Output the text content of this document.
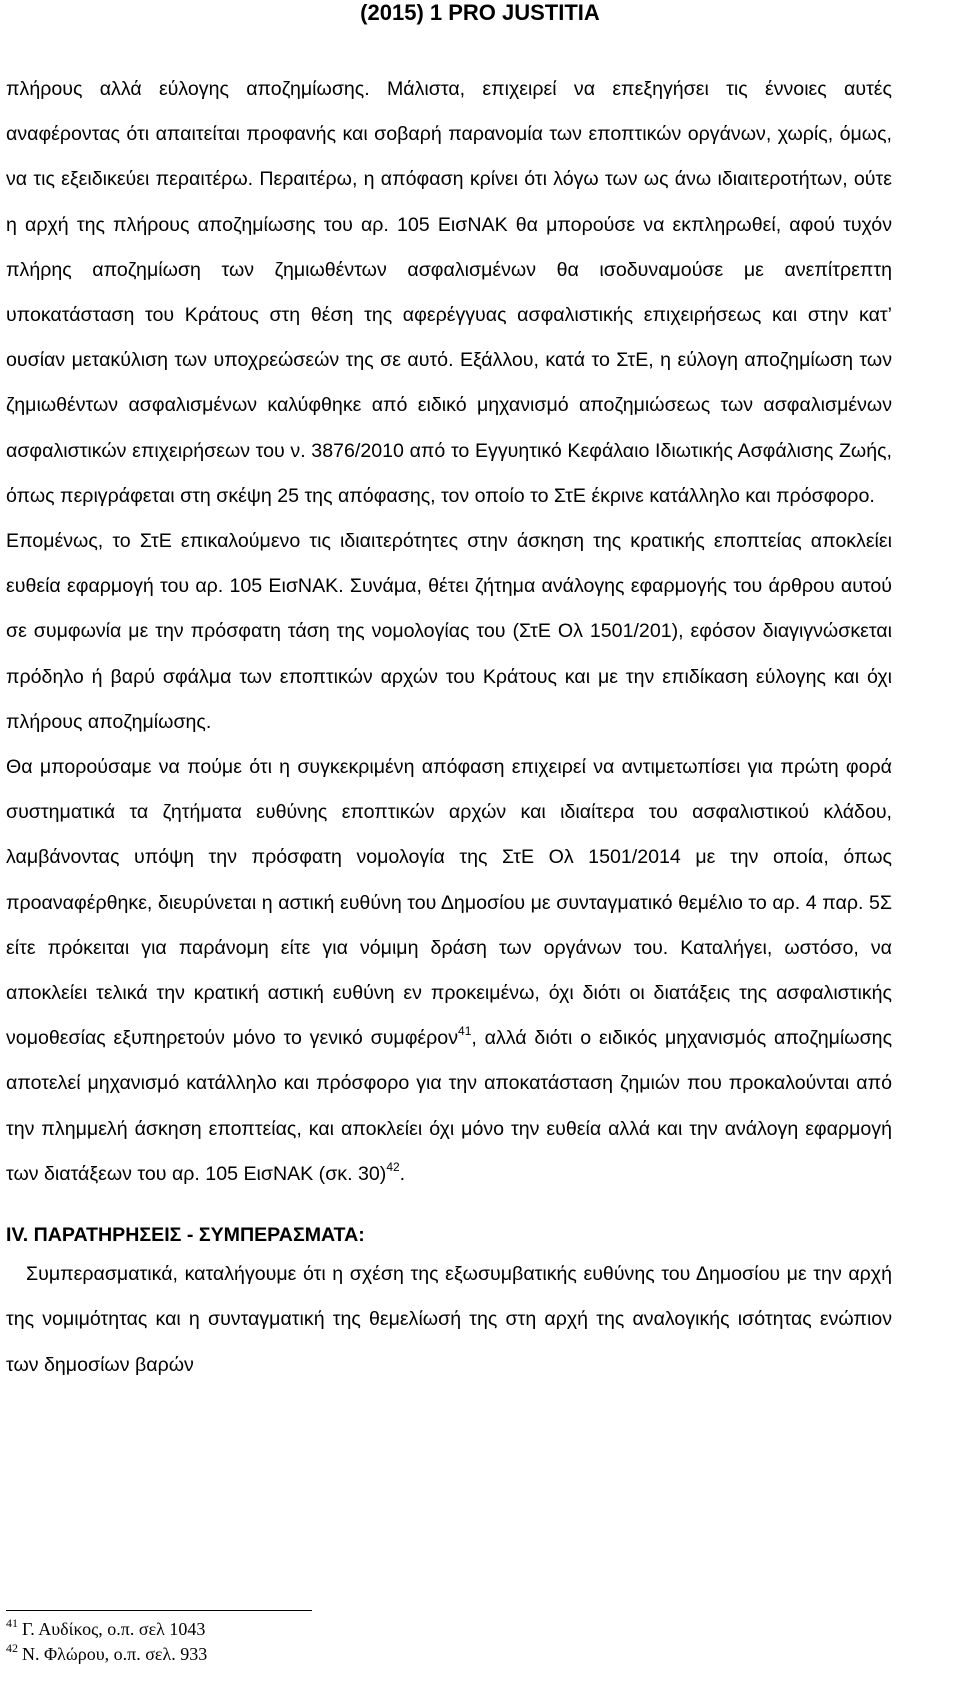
(2015) 1 PRO JUSTITIA

πλήρους αλλά εύλογης αποζημίωσης. Μάλιστα, επιχειρεί να επεξηγήσει τις έννοιες αυτές αναφέροντας ότι απαιτείται προφανής και σοβαρή παρανομία των εποπτικών οργάνων, χωρίς, όμως, να τις εξειδικεύει περαιτέρω. Περαιτέρω, η απόφαση κρίνει ότι λόγω των ως άνω ιδιαιτεροτήτων, ούτε η αρχή της πλήρους αποζημίωσης του αρ. 105 ΕισΝΑΚ θα μπορούσε να εκπληρωθεί, αφού τυχόν πλήρης αποζημίωση των ζημιωθέντων ασφαλισμένων θα ισοδυναμούσε με ανεπίτρεπτη υποκατάσταση του Κράτους στη θέση της αφερέγγυας ασφαλιστικής επιχειρήσεως και στην κατ’ ουσίαν μετακύλιση των υποχρεώσεών της σε αυτό. Εξάλλου, κατά το ΣτΕ, η εύλογη αποζημίωση των ζημιωθέντων ασφαλισμένων καλύφθηκε από ειδικό μηχανισμό αποζημιώσεως των ασφαλισμένων ασφαλιστικών επιχειρήσεων του ν. 3876/2010 από το Εγγυητικό Κεφάλαιο Ιδιωτικής Ασφάλισης Ζωής, όπως περιγράφεται στη σκέψη 25 της απόφασης, τον οποίο το ΣτΕ έκρινε κατάλληλο και πρόσφορο.

Επομένως, το ΣτΕ επικαλούμενο τις ιδιαιτερότητες στην άσκηση της κρατικής εποπτείας αποκλείει ευθεία εφαρμογή του αρ. 105 ΕισΝΑΚ. Συνάμα, θέτει ζήτημα ανάλογης εφαρμογής του άρθρου αυτού σε συμφωνία με την πρόσφατη τάση της νομολογίας του (ΣτΕ Ολ 1501/201), εφόσον διαγιγνώσκεται πρόδηλο ή βαρύ σφάλμα των εποπτικών αρχών του Κράτους και με την επιδίκαση εύλογης και όχι πλήρους αποζημίωσης.

Θα μπορούσαμε να πούμε ότι η συγκεκριμένη απόφαση επιχειρεί να αντιμετωπίσει για πρώτη φορά συστηματικά τα ζητήματα ευθύνης εποπτικών αρχών και ιδιαίτερα του ασφαλιστικού κλάδου, λαμβάνοντας υπόψη την πρόσφατη νομολογία της ΣτΕ Ολ 1501/2014 με την οποία, όπως προαναφέρθηκε, διευρύνεται η αστική ευθύνη του Δημοσίου με συνταγματικό θεμέλιο το αρ. 4 παρ. 5Σ είτε πρόκειται για παράνομη είτε για νόμιμη δράση των οργάνων του. Καταλήγει, ωστόσο, να αποκλείει τελικά την κρατική αστική ευθύνη εν προκειμένω, όχι διότι οι διατάξεις της ασφαλιστικής νομοθεσίας εξυπηρετούν μόνο το γενικό συμφέρον$^{41}$, αλλά διότι ο ειδικός μηχανισμός αποζημίωσης αποτελεί μηχανισμό κατάλληλο και πρόσφορο για την αποκατάσταση ζημιών που προκαλούνται από την πλημμελή άσκηση εποπτείας, και αποκλείει όχι μόνο την ευθεία αλλά και την ανάλογη εφαρμογή των διατάξεων του αρ. 105 ΕισΝΑΚ (σκ. 30)$^{42}$.

IV. ΠΑΡΑΤΗΡΗΣΕΙΣ - ΣΥΜΠΕΡΑΣΜΑΤΑ:

Συμπερασματικά, καταλήγουμε ότι η σχέση της εξωσυμβατικής ευθύνης του Δημοσίου με την αρχή της νομιμότητας και η συνταγματική της θεμελίωσή της στη αρχή της αναλογικής ισότητας ενώπιον των δημοσίων βαρών

$^{41}$ Γ. Αυδίκος, ο.π. σελ 1043
$^{42}$ Ν. Φλώρου, ο.π. σελ. 933
